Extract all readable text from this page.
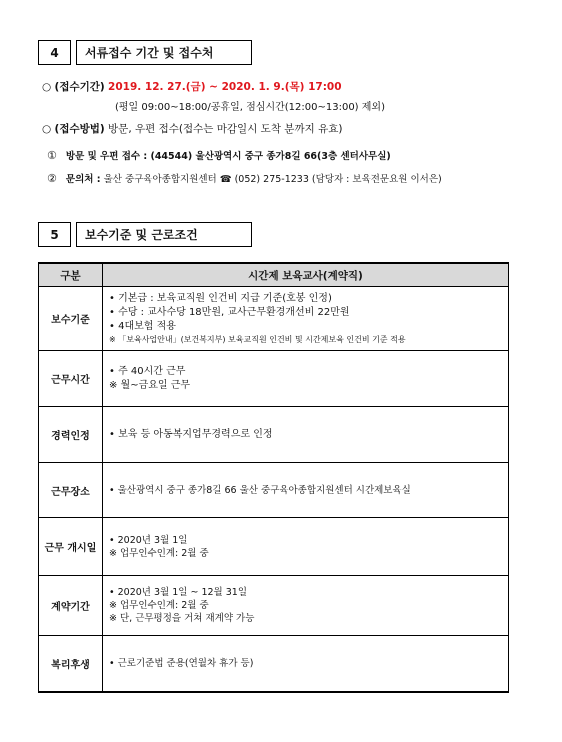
4	서류접수 기간 및 접수처
○ (접수기간) 2019. 12. 27.(금) ~ 2020. 1. 9.(목) 17:00
(평일 09:00~18:00/공휴일, 점심시간(12:00~13:00) 제외)
○ (접수방법) 방문, 우편 접수(접수는 마감일시 도착 분까지 유효)
① 방문 및 우편 접수 : (44544) 울산광역시 중구 종가8길 66(3층 센터사무실)
② 문의처 : 울산 중구육아종합지원센터 ☎ (052) 275-1233 (담당자 : 보육전문요원 이서은)
5	보수기준 및 근로조건
구분	시간제 보육교사(계약직)
보수기준	• 기본급 : 보육교직원 인건비 지급 기준(호봉 인정)
• 수당 : 교사수당 18만원, 교사근무환경개선비 22만원
• 4대보험 적용
※ 「보육사업안내」(보건복지부) 보육교직원 인건비 및 시간제보육 인건비 기준 적용

근무시간	• 주 40시간 근무
※ 월~금요일 근무

경력인정	• 보육 등 아동복지업무경력으로 인정

근무장소	• 울산광역시 중구 종가8길 66 울산 중구육아종합지원센터 시간제보육실

근무 개시일	• 2020년 3월 1일
※ 업무인수인계: 2월 중

계약기간	• 2020년 3월 1일 ~ 12월 31일
※ 업무인수인계: 2월 중
※ 단, 근무평정을 거쳐 재계약 가능

복리후생	• 근로기준법 준용(연월차 휴가 등)
